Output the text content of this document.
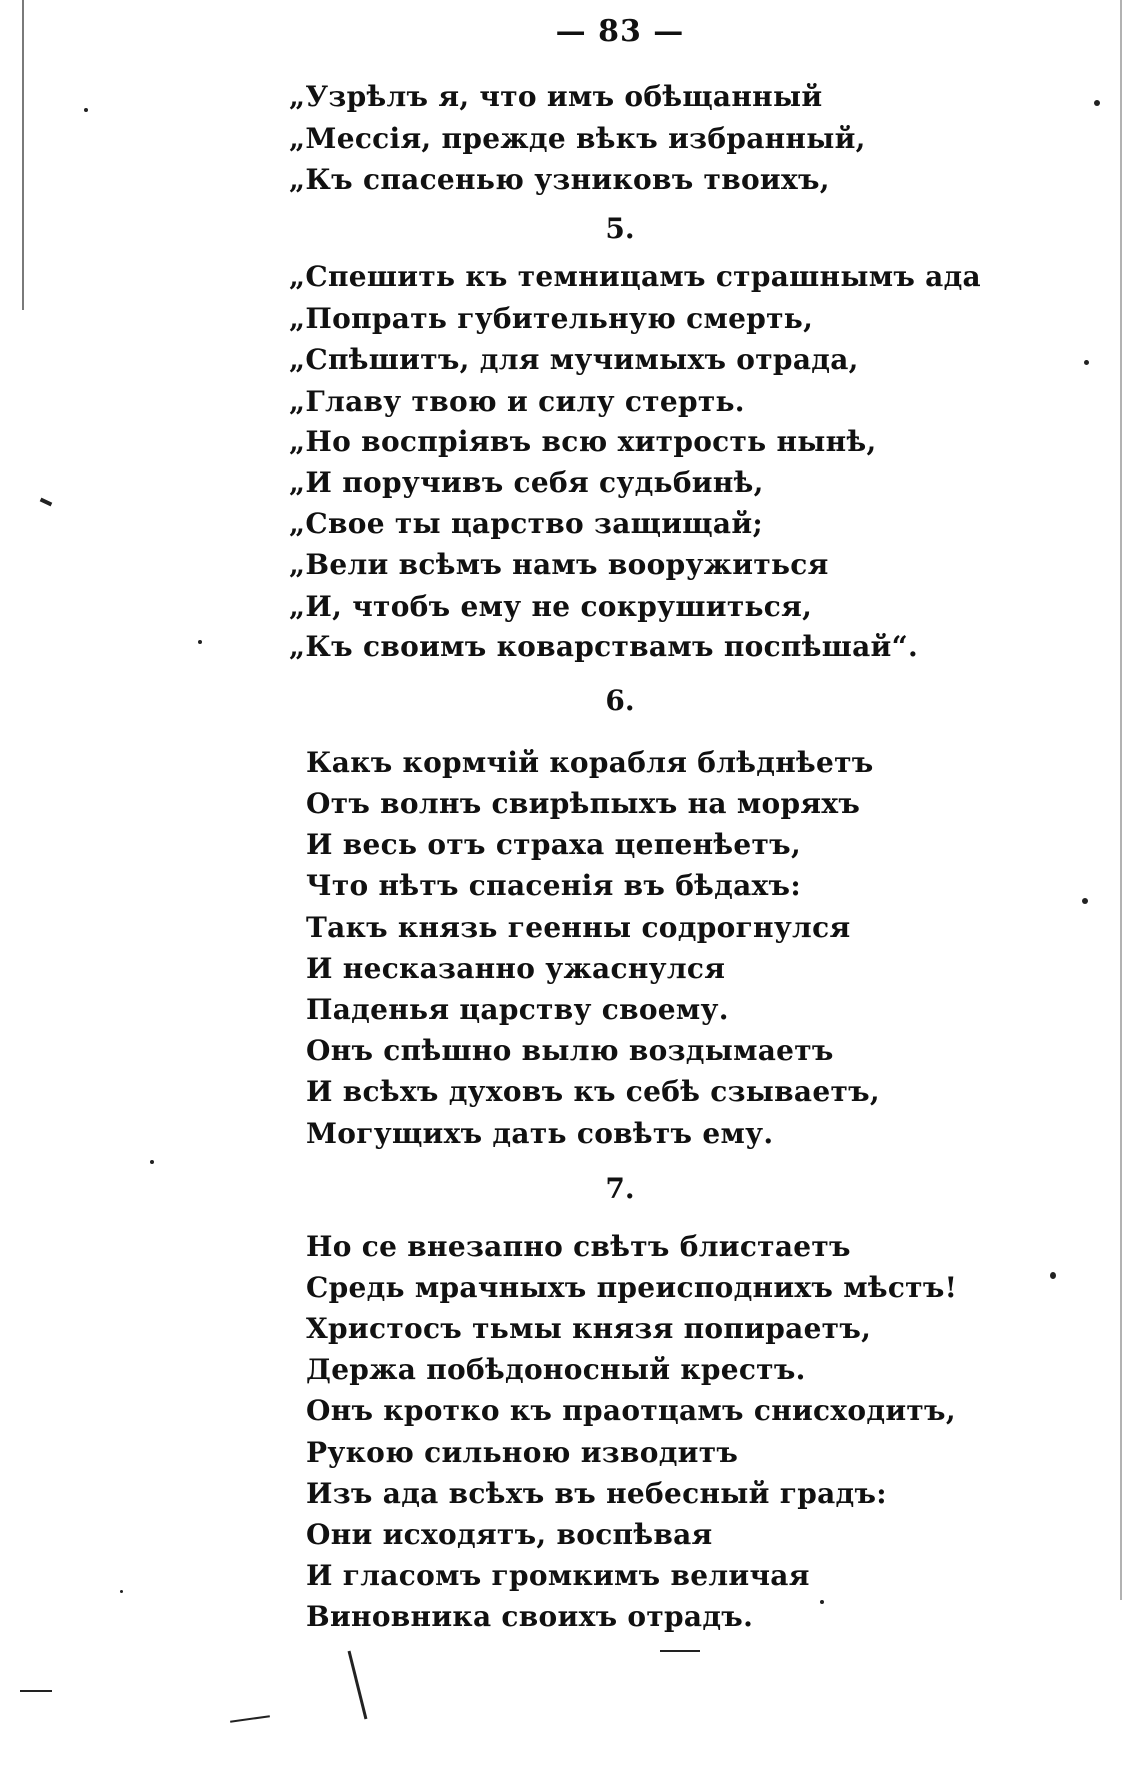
— 83 —
„Узрѣлъ я, что имъ обѣщанный
„Мессія, прежде вѣкъ избранный,
„Къ спасенью узниковъ твоихъ,
5.
„Спешить къ темницамъ страшнымъ ада
„Попрать губительную смерть,
„Спѣшитъ, для мучимыхъ отрада,
„Главу твою и силу стерть.
„Но воспріявъ всю хитрость нынѣ,
„И поручивъ себя судьбинѣ,
„Свое ты царство защищай;
„Вели всѣмъ намъ вооружиться
„И, чтобъ ему не сокрушиться,
„Къ своимъ коварствамъ поспѣшай“.
6.
Какъ кормчій корабля блѣднѣетъ
Отъ волнъ свирѣпыхъ на моряхъ
И весь отъ страха цепенѣетъ,
Что нѣтъ спасенія въ бѣдахъ:
Такъ князь геенны содрогнулся
И несказанно ужаснулся
Паденья царству своему.
Онъ спѣшно вылю воздымаетъ
И всѣхъ духовъ къ себѣ сзываетъ,
Могущихъ дать совѣтъ ему.
7.
Но се внезапно свѣтъ блистаетъ
Средь мрачныхъ преисподнихъ мѣстъ!
Христосъ тьмы князя попираетъ,
Держа побѣдоносный крестъ.
Онъ кротко къ праотцамъ снисходитъ,
Рукою сильною изводитъ
Изъ ада всѣхъ въ небесный градъ:
Они исходятъ, воспѣвая
И гласомъ громкимъ величая
Виновника своихъ отрадъ.
